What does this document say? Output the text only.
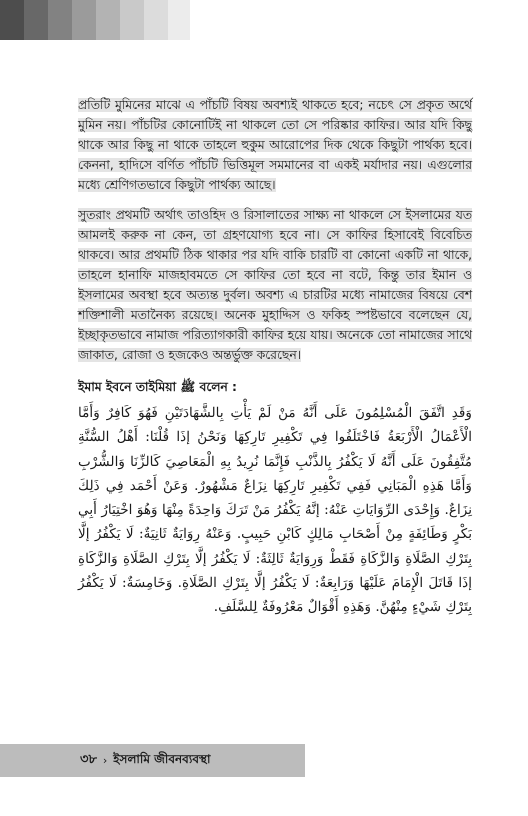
প্রতিটি মুমিনের মাঝে এ পাঁচটি বিষয় অবশ্যই থাকতে হবে; নচেৎ সে প্রকৃত অর্থে মুমিন নয়। পাঁচটির কোনোটিই না থাকলে তো সে পরিষ্কার কাফির। আর যদি কিছু থাকে আর কিছু না থাকে তাহলে হুকুম আরোপের দিক থেকে কিছুটা পার্থক্য হবে। কেননা, হাদিসে বর্ণিত পাঁচটি ভিত্তিমূল সমমানের বা একই মর্যাদার নয়। এগুলোর মধ্যে শ্রেণিগতভাবে কিছুটা পার্থক্য আছে।

সুতরাং প্রথমটি অর্থাৎ তাওহিদ ও রিসালাতের সাক্ষ্য না থাকলে সে ইসলামের যত আমলই করুক না কেন, তা গ্রহণযোগ্য হবে না। সে কাফির হিসাবেই বিবেচিত থাকবে। আর প্রথমটি ঠিক থাকার পর যদি বাকি চারটি বা কোনো একটি না থাকে, তাহলে হানাফি মাজহাবমতে সে কাফির তো হবে না বটে, কিন্তু তার ইমান ও ইসলামের অবস্থা হবে অত্যন্ত দুর্বল। অবশ্য এ চারটির মধ্যে নামাজের বিষয়ে বেশ শক্তিশালী মতানৈক্য রয়েছে। অনেক মুহাদ্দিস ও ফকিহ স্পষ্টভাবে বলেছেন যে, ইচ্ছাকৃতভাবে নামাজ পরিত্যাগকারী কাফির হয়ে যায়। অনেকে তো নামাজের সাথে জাকাত, রোজা ও হজকেও অন্তর্ভুক্ত করেছেন।

ইমাম ইবনে তাইমিয়া ﷺ বলেন :
وَقَدِ اتَّفَقَ الْمُسْلِمُونَ عَلَى أَنَّهُ مَنْ لَمْ يَأْتِ بِالشَّهَادَتَيْنِ فَهُوَ كَافِرٌ وَأَمَّا الْأَعْمَالُ الْأَرْبَعَةُ فَاخْتَلَفُوا فِي تَكْفِيرِ تَارِكِهَا وَنَحْنُ إذَا قُلْنَا: أَهْلُ السُّنَّةِ مُتَّفِقُونَ عَلَى أَنَّهُ لَا يَكْفُرُ بِالذَّنْبِ فَإِنَّمَا نُرِيدُ بِهِ الْمَعَاصِيَ كَالزِّنَا وَالشُّرْبِ وَأَمَّا هَذِهِ الْمَبَانِي فَفِي تَكْفِيرِ تَارِكِهَا نِزَاعٌ مَشْهُورٌ. وَعَنْ أَحْمَد فِي ذَلِكَ نِزَاعٌ. وَإِحْدَى الرِّوَايَاتِ عَنْهُ: إنَّهُ يَكْفُرُ مَنْ تَرَكَ وَاحِدَةً مِنْهَا وَهُوَ اخْتِيَارُ أَبِي بَكْرٍ وَطَائِفَةٍ مِنْ أَصْحَابِ مَالِكٍ كَابْنِ حَبِيبٍ. وَعَنْهُ رِوَايَةٌ ثَانِيَةٌ: لَا يَكْفُرُ إلَّا بِتَرْكِ الصَّلَاةِ وَالزَّكَاةِ فَقَطْ وَرِوَايَةٌ ثَالِثَةٌ: لَا يَكْفُرُ إلَّا بِتَرْكِ الصَّلَاةِ وَالزَّكَاةِ إذَا قَاتَلَ الْإِمَامَ عَلَيْهَا وَرَابِعَةٌ: لَا يَكْفُرُ إلَّا بِتَرْكِ الصَّلَاةِ. وَخَامِسَةٌ: لَا يَكْفُرُ بِتَرْكِ شَيْءٍ مِنْهُنَّ. وَهَذِهِ أَقْوَالٌ مَعْرُوفَةٌ لِلسَّلَفِ.
৩৮ › ইসলামি জীবনব্যবস্থা
